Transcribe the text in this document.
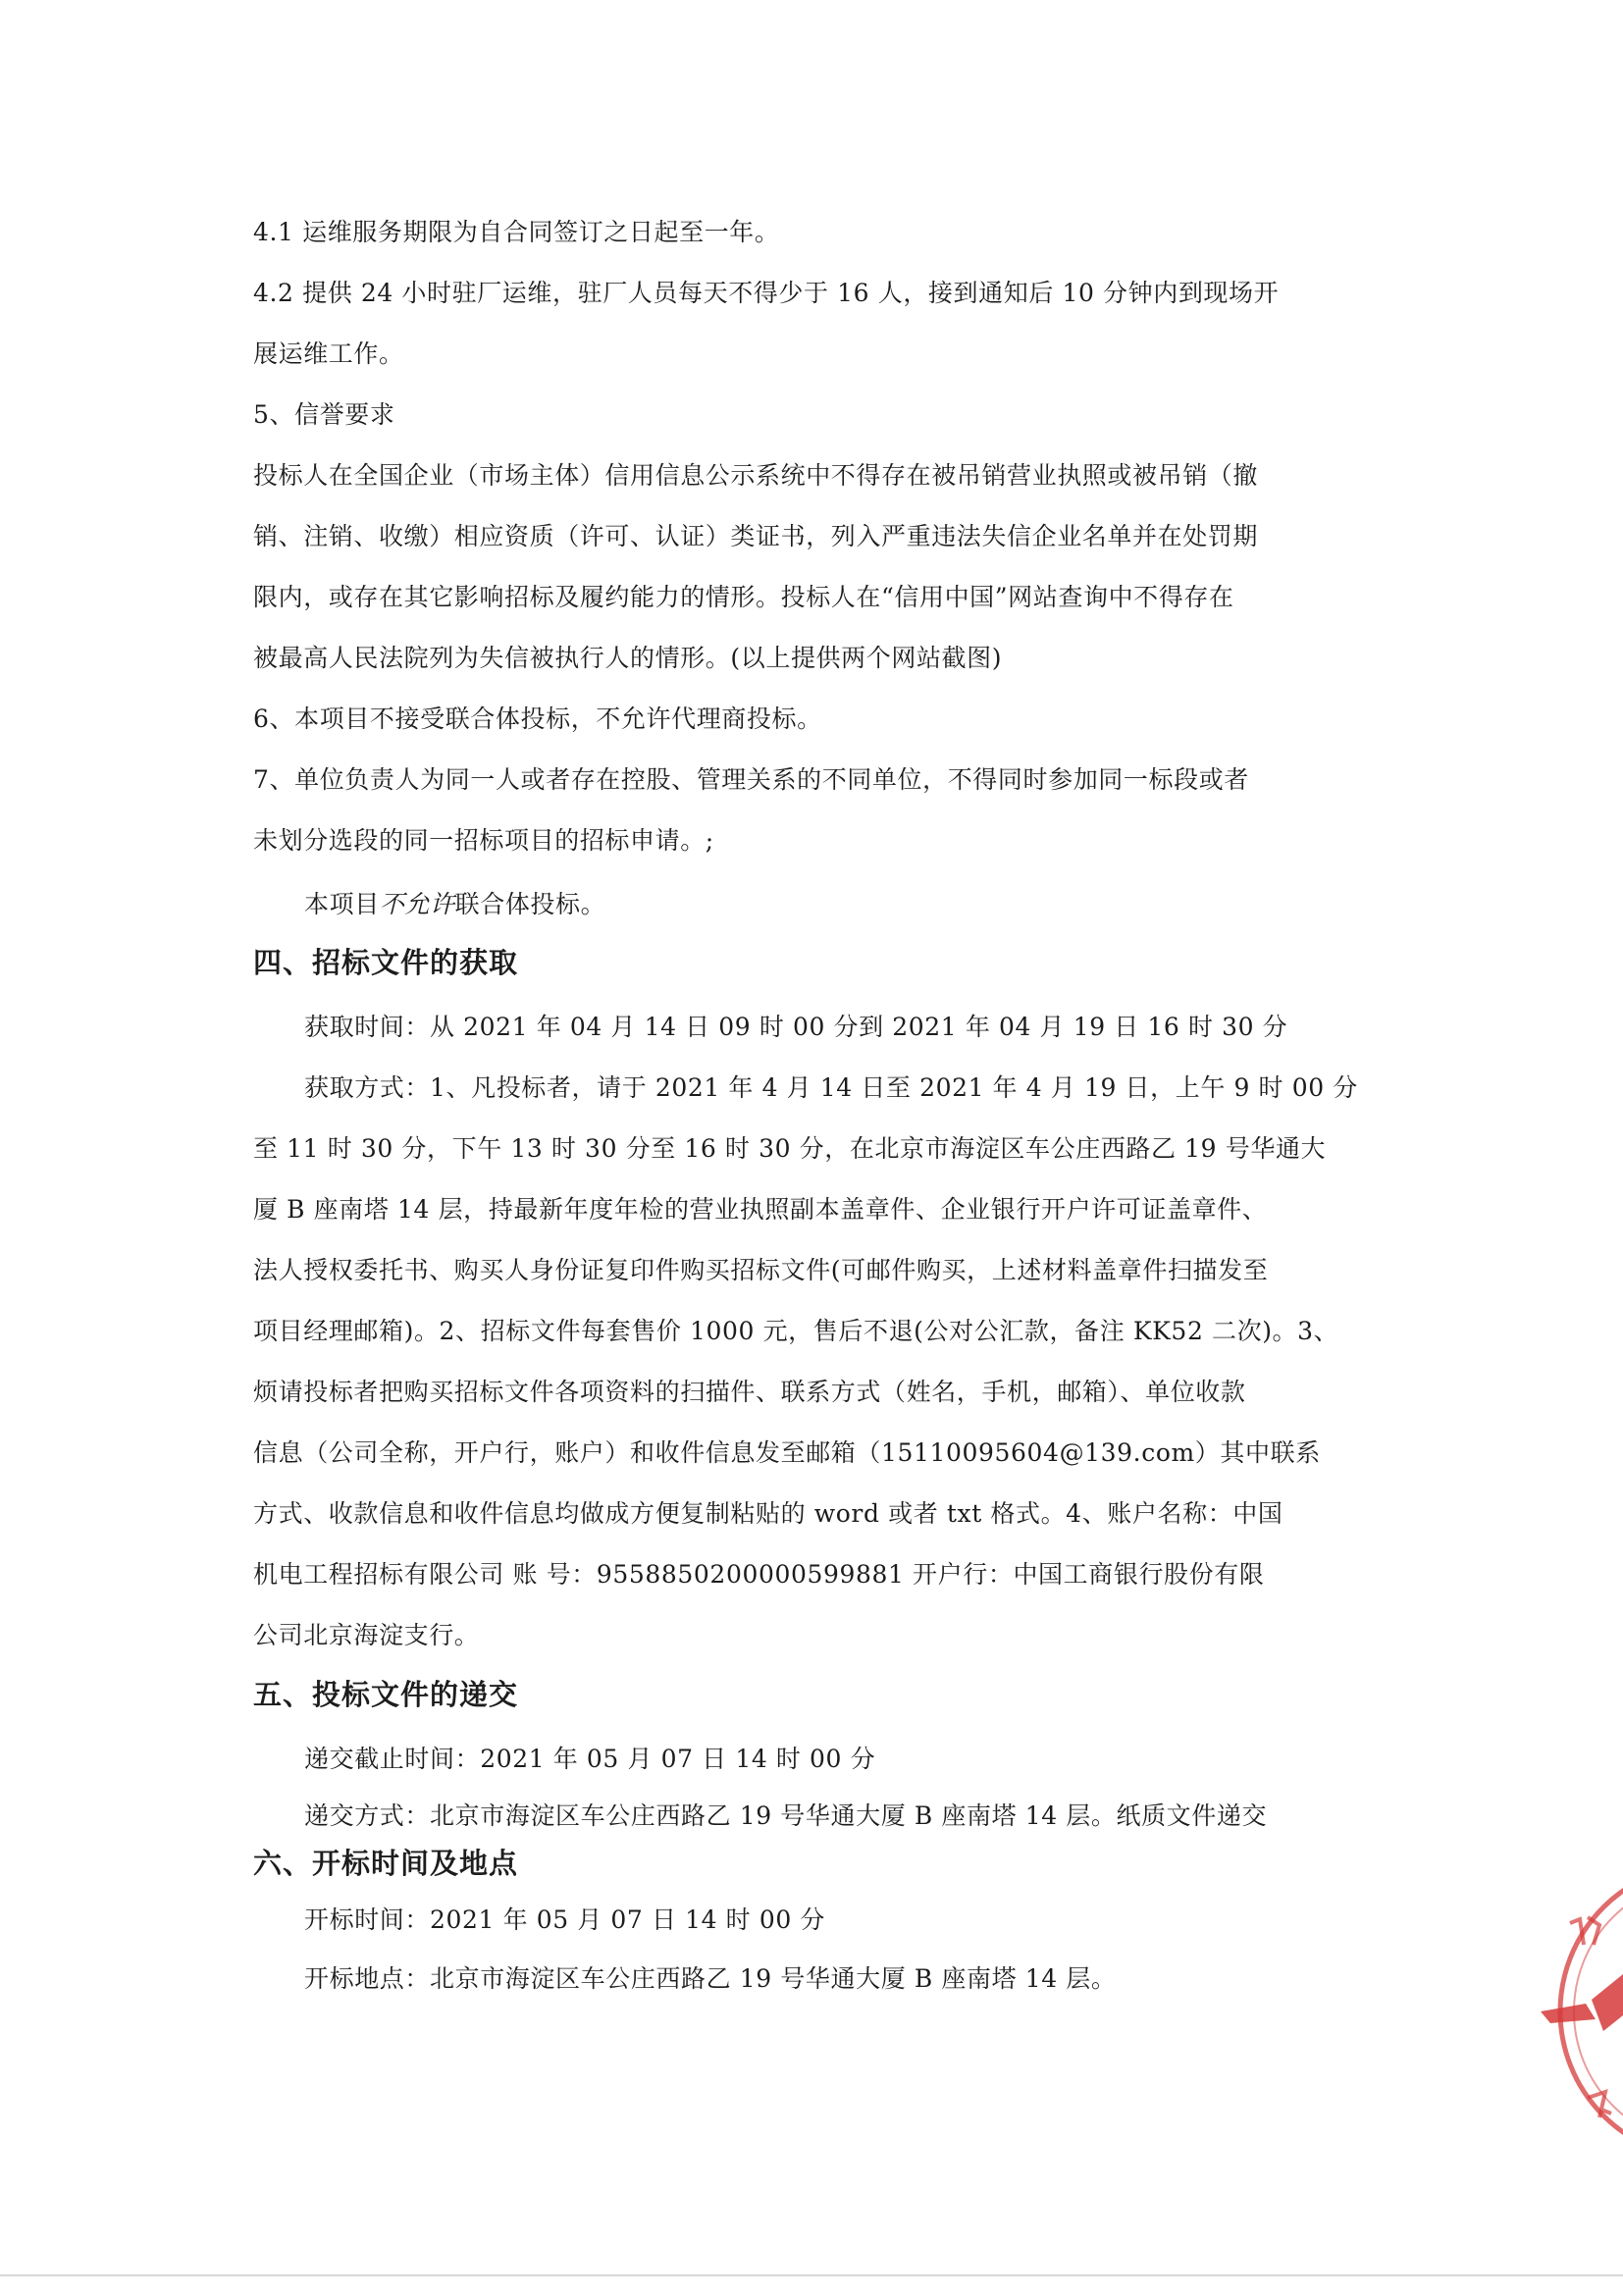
4.1 运维服务期限为自合同签订之日起至一年。
4.2 提供 24 小时驻厂运维，驻厂人员每天不得少于 16 人，接到通知后 10 分钟内到现场开
展运维工作。
5、信誉要求
投标人在全国企业（市场主体）信用信息公示系统中不得存在被吊销营业执照或被吊销（撤
销、注销、收缴）相应资质（许可、认证）类证书，列入严重违法失信企业名单并在处罚期
限内，或存在其它影响招标及履约能力的情形。投标人在“信用中国”网站查询中不得存在
被最高人民法院列为失信被执行人的情形。(以上提供两个网站截图)
6、本项目不接受联合体投标，不允许代理商投标。
7、单位负责人为同一人或者存在控股、管理关系的不同单位，不得同时参加同一标段或者
未划分选段的同一招标项目的招标申请。;
本项目不允许联合体投标。
四、招标文件的获取
获取时间：从 2021 年 04 月 14 日 09 时 00 分到 2021 年 04 月 19 日 16 时 30 分
获取方式：1、凡投标者，请于 2021 年 4 月 14 日至 2021 年 4 月 19 日，上午 9 时 00 分
至 11 时 30 分，下午 13 时 30 分至 16 时 30 分，在北京市海淀区车公庄西路乙 19 号华通大
厦 B 座南塔 14 层，持最新年度年检的营业执照副本盖章件、企业银行开户许可证盖章件、
法人授权委托书、购买人身份证复印件购买招标文件(可邮件购买，上述材料盖章件扫描发至
项目经理邮箱)。2、招标文件每套售价 1000 元，售后不退(公对公汇款，备注 KK52 二次)。3、
烦请投标者把购买招标文件各项资料的扫描件、联系方式（姓名，手机，邮箱）、单位收款
信息（公司全称，开户行，账户）和收件信息发至邮箱（15110095604@139.com）其中联系
方式、收款信息和收件信息均做成方便复制粘贴的 word 或者 txt 格式。4、账户名称：中国
机电工程招标有限公司 账 号：9558850200000599881 开户行：中国工商银行股份有限
公司北京海淀支行。
五、投标文件的递交
递交截止时间：2021 年 05 月 07 日 14 时 00 分
递交方式：北京市海淀区车公庄西路乙 19 号华通大厦 B 座南塔 14 层。纸质文件递交
六、开标时间及地点
开标时间：2021 年 05 月 07 日 14 时 00 分
开标地点：北京市海淀区车公庄西路乙 19 号华通大厦 B 座南塔 14 层。
